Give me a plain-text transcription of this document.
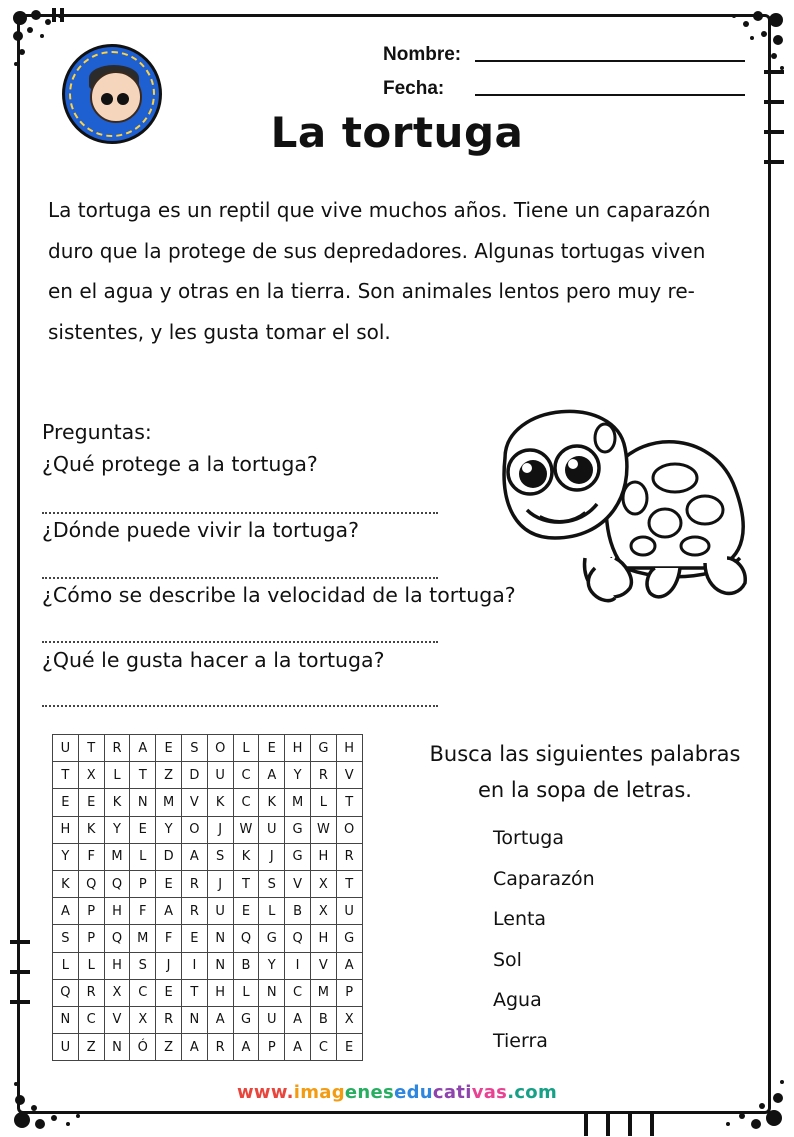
Nombre:
Fecha:
La tortuga
La tortuga es un reptil que vive muchos años. Tiene un caparazón
duro que la protege de sus depredadores. Algunas tortugas viven
en el agua y otras en la tierra. Son animales lentos pero muy re-
sistentes, y les gusta tomar el sol.
Preguntas:
¿Qué protege a la tortuga?
¿Dónde puede vivir la tortuga?
¿Cómo se describe la velocidad de la tortuga?
¿Qué le gusta hacer a la tortuga?
U	T	R	A	E	S	O	L	E	H	G	H
T	X	L	T	Z	D	U	C	A	Y	R	V
E	E	K	N	M	V	K	C	K	M	L	T
H	K	Y	E	Y	O	J	W	U	G	W	O
Y	F	M	L	D	A	S	K	J	G	H	R
K	Q	Q	P	E	R	J	T	S	V	X	T
A	P	H	F	A	R	U	E	L	B	X	U
S	P	Q	M	F	E	N	Q	G	Q	H	G
L	L	H	S	J	I	N	B	Y	I	V	A
Q	R	X	C	E	T	H	L	N	C	M	P
N	C	V	X	R	N	A	G	U	A	B	X
U	Z	N	Ó	Z	A	R	A	P	A	C	E
Busca las siguientes palabras
en la sopa de letras.
Tortuga
Caparazón
Lenta
Sol
Agua
Tierra
www.imageneseducativas.com
